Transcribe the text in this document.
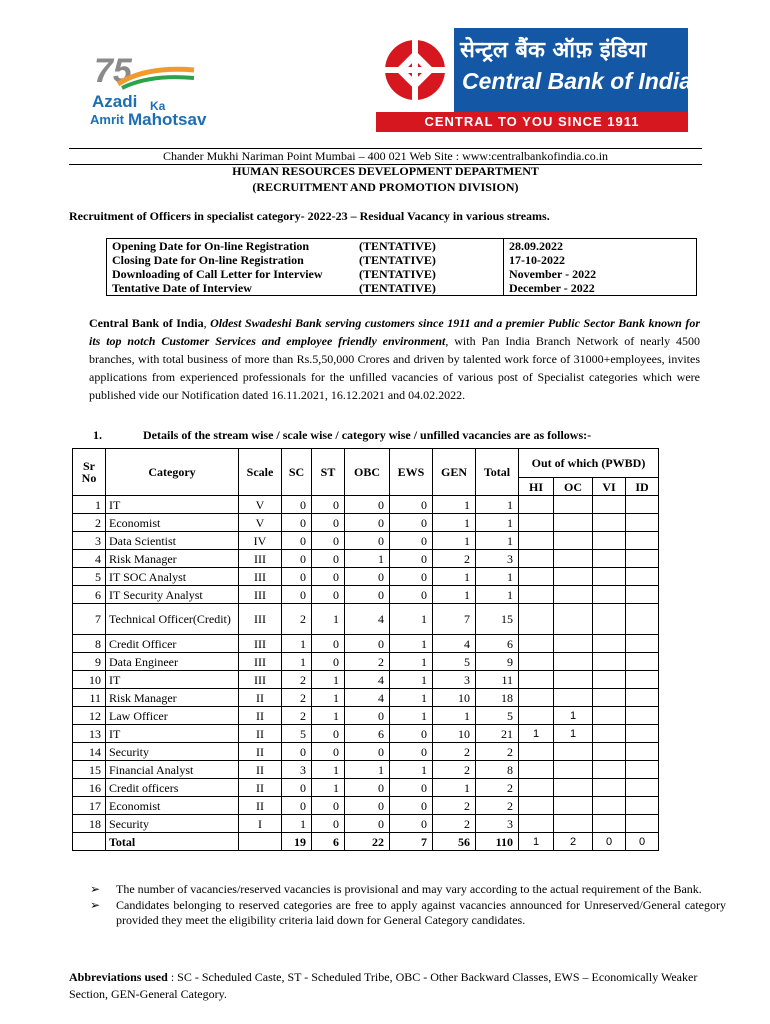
75
Azadi Ka
Amrit Mahotsav
सेन्ट्रल बैंक ऑफ़ इंडिया
Central Bank of India
CENTRAL TO YOU SINCE 1911
Chander Mukhi Nariman Point Mumbai – 400 021 Web Site : www:centralbankofindia.co.in
HUMAN RESOURCES DEVELOPMENT DEPARTMENT
(RECRUITMENT AND PROMOTION DIVISION)
Recruitment of Officers in specialist category- 2022-23 – Residual Vacancy in various streams.
Opening Date for On-line Registration (TENTATIVE)	28.09.2022
Closing Date for On-line Registration (TENTATIVE)	17-10-2022
Downloading of Call Letter for Interview (TENTATIVE)	November - 2022
Tentative Date of Interview (TENTATIVE)	December - 2022
Central Bank of India, Oldest Swadeshi Bank serving customers since 1911 and a premier Public Sector Bank known for its top notch Customer Services and employee friendly environment, with Pan India Branch Network of nearly 4500 branches, with total business of more than Rs.5,50,000 Crores and driven by talented work force of 31000+employees, invites applications from experienced professionals for the unfilled vacancies of various post of Specialist categories which were published vide our Notification dated 16.11.2021, 16.12.2021 and 04.02.2022.
1.	Details of the stream wise / scale wise / category wise / unfilled vacancies are as follows:-
Sr No	Category	Scale	SC	ST	OBC	EWS	GEN	Total	Out of which (PWBD)			
									HI	OC	VI	ID
1	IT	V	0	0	0	0	1	1				
2	Economist	V	0	0	0	0	1	1				
3	Data Scientist	IV	0	0	0	0	1	1				
4	Risk Manager	III	0	0	1	0	2	3				
5	IT SOC Analyst	III	0	0	0	0	1	1				
6	IT Security Analyst	III	0	0	0	0	1	1				
7	Technical Officer(Credit)	III	2	1	4	1	7	15				
8	Credit Officer	III	1	0	0	1	4	6				
9	Data Engineer	III	1	0	2	1	5	9				
10	IT	III	2	1	4	1	3	11				
11	Risk Manager	II	2	1	4	1	10	18				
12	Law Officer	II	2	1	0	1	1	5		1		
13	IT	II	5	0	6	0	10	21	1	1		
14	Security	II	0	0	0	0	2	2				
15	Financial Analyst	II	3	1	1	1	2	8				
16	Credit officers	II	0	1	0	0	1	2				
17	Economist	II	0	0	0	0	2	2				
18	Security	I	1	0	0	0	2	3				
	Total		19	6	22	7	56	110	1	2	0	0
➢ The number of vacancies/reserved vacancies is provisional and may vary according to the actual requirement of the Bank.
➢ Candidates belonging to reserved categories are free to apply against vacancies announced for Unreserved/General category provided they meet the eligibility criteria laid down for General Category candidates.
Abbreviations used : SC - Scheduled Caste, ST - Scheduled Tribe, OBC - Other Backward Classes, EWS – Economically Weaker Section, GEN-General Category.
